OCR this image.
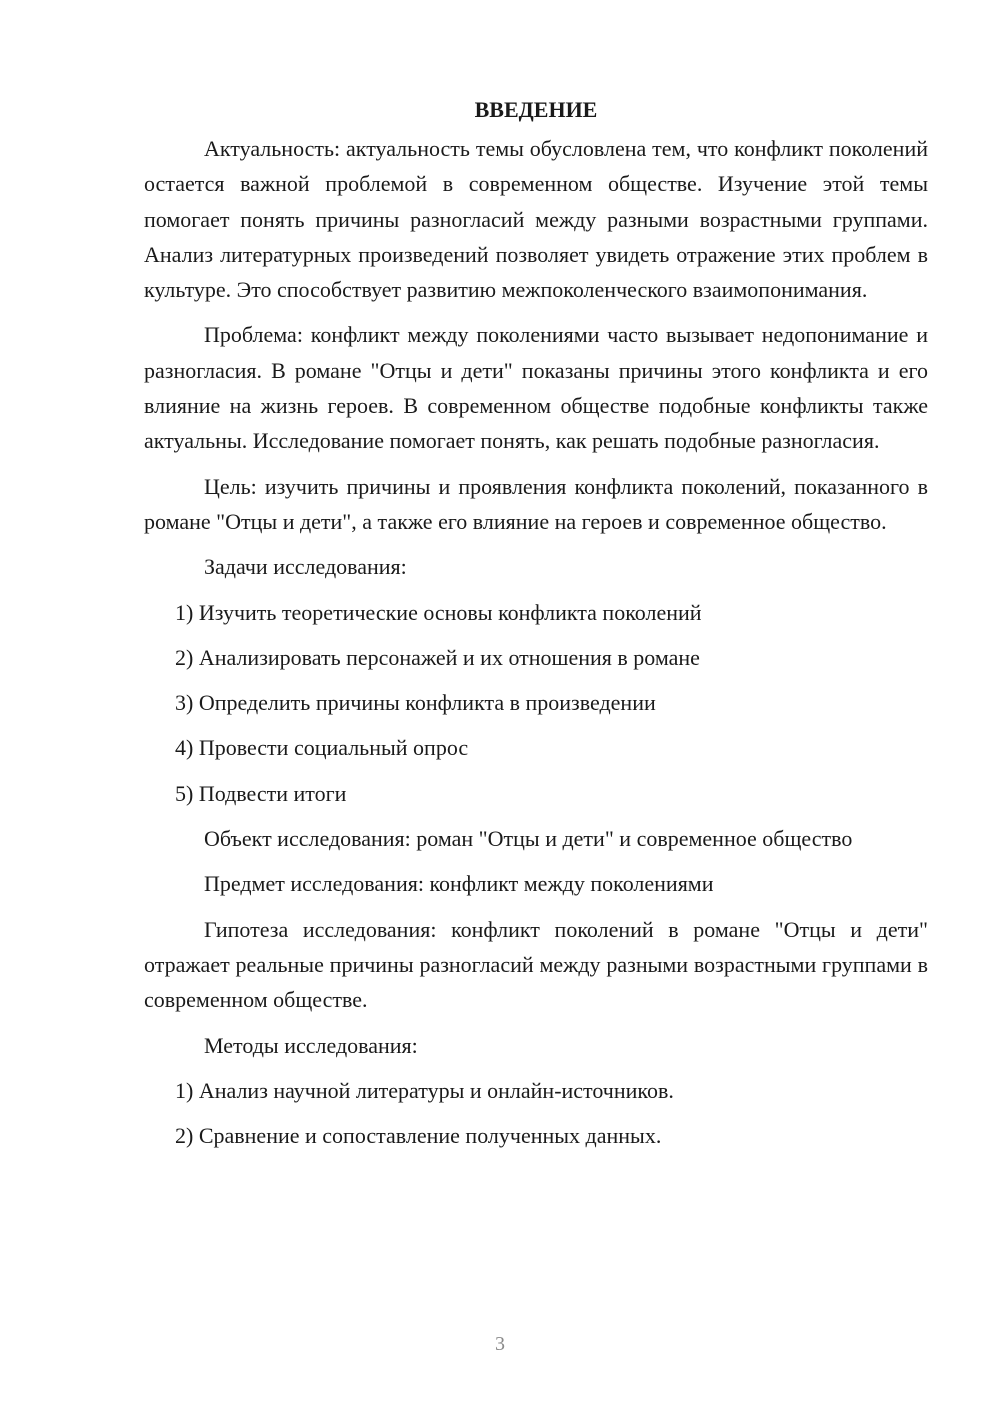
ВВЕДЕНИЕ

Актуальность: актуальность темы обусловлена тем, что конфликт поколений остается важной проблемой в современном обществе. Изучение этой темы помогает понять причины разногласий между разными возрастными группами. Анализ литературных произведений позволяет увидеть отражение этих проблем в культуре. Это способствует развитию межпоколенческого взаимопонимания.

Проблема: конфликт между поколениями часто вызывает недопонимание и разногласия. В романе "Отцы и дети" показаны причины этого конфликта и его влияние на жизнь героев. В современном обществе подобные конфликты также актуальны. Исследование помогает понять, как решать подобные разногласия.

Цель: изучить причины и проявления конфликта поколений, показанного в романе "Отцы и дети", а также его влияние на героев и современное общество.

Задачи исследования:

1) Изучить теоретические основы конфликта поколений

2) Анализировать персонажей и их отношения в романе

3) Определить причины конфликта в произведении

4) Провести социальный опрос

5) Подвести итоги

Объект исследования: роман "Отцы и дети" и современное общество

Предмет исследования: конфликт между поколениями

Гипотеза исследования: конфликт поколений в романе "Отцы и дети" отражает реальные причины разногласий между разными возрастными группами в современном обществе.

Методы исследования:

1) Анализ научной литературы и онлайн-источников.

2) Сравнение и сопоставление полученных данных.

3
